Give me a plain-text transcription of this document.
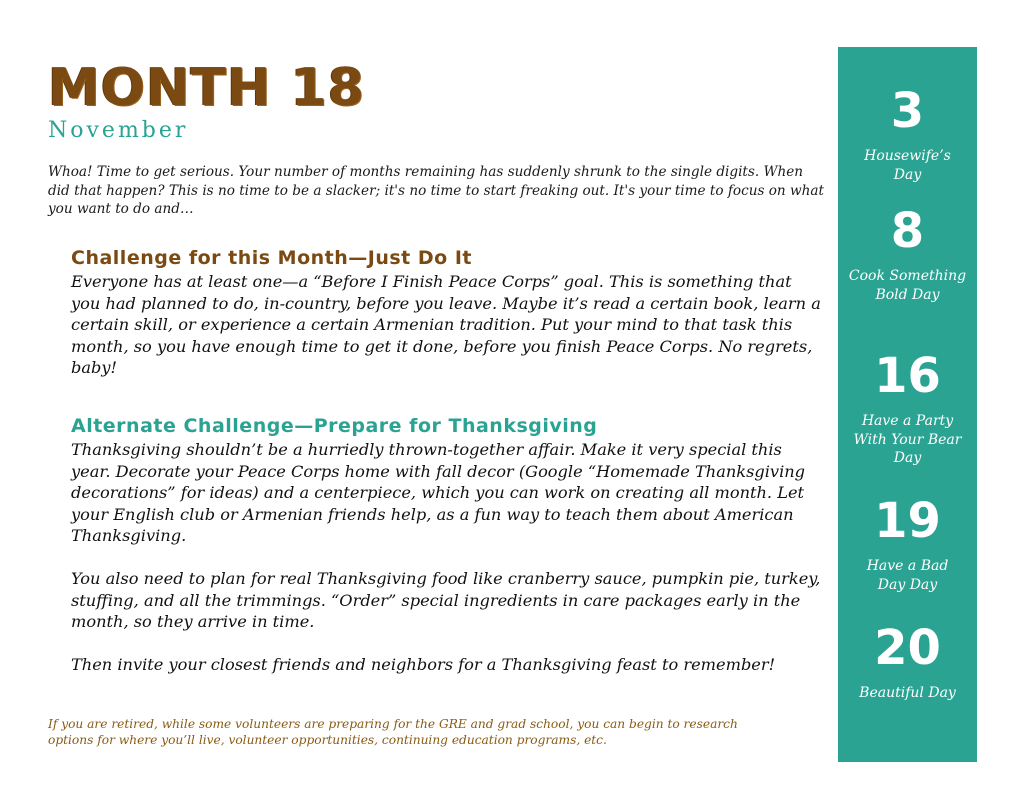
MONTH 18
November
Whoa! Time to get serious. Your number of months remaining has suddenly shrunk to the single digits. When did that happen? This is no time to be a slacker; it's no time to start freaking out. It's your time to focus on what you want to do and…
Challenge for this Month—Just Do It

Everyone has at least one—a “Before I Finish Peace Corps” goal. This is something that you had planned to do, in-country, before you leave. Maybe it’s read a certain book, learn a certain skill, or experience a certain Armenian tradition. Put your mind to that task this month, so you have enough time to get it done, before you finish Peace Corps. No regrets, baby!

Alternate Challenge—Prepare for Thanksgiving

Thanksgiving shouldn’t be a hurriedly thrown-together affair. Make it very special this year. Decorate your Peace Corps home with fall decor (Google “Homemade Thanksgiving decorations” for ideas) and a centerpiece, which you can work on creating all month. Let your English club or Armenian friends help, as a fun way to teach them about American Thanksgiving.

You also need to plan for real Thanksgiving food like cranberry sauce, pumpkin pie, turkey, stuffing, and all the trimmings. “Order” special ingredients in care packages early in the month, so they arrive in time.

Then invite your closest friends and neighbors for a Thanksgiving feast to remember!

If you are retired, while some volunteers are preparing for the GRE and grad school, you can begin to research options for where you’ll live, volunteer opportunities, continuing education programs, etc.
3
Housewife’s Day
8
Cook Something Bold Day
16
Have a Party With Your Bear Day
19
Have a Bad Day Day
20
Beautiful Day
